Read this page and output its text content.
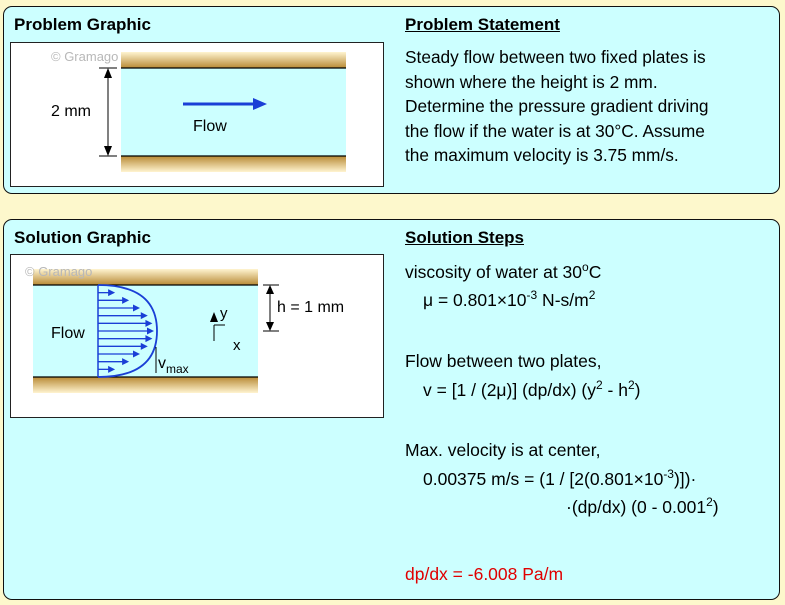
Problem Graphic	Problem Statement
© Gramago
2 mm
Flow
Steady flow between two fixed plates is
shown where the height is 2 mm.
Determine the pressure gradient driving
the flow if the water is at 30°C. Assume
the maximum velocity is 3.75 mm/s.
Solution Graphic	Solution Steps
© Gramago
h = 1 mm
Flow
y
x
$v_{max}$
viscosity of water at 30$^o$C
$\mu = 0.801\times 10^{-3}$ $N-s/m^2$
Flow between two plates,
v = [1 / (2μ)] (dp/dx) $(y^2 - h^2)$
Max. velocity is at center,
0.00375 $m/s = (1 / [2(0.801\times 10^{-3})])\cdot$
·(dp/dx) (0 - 0.001$^2$)
dp/dx = -6.008 Pa/m
